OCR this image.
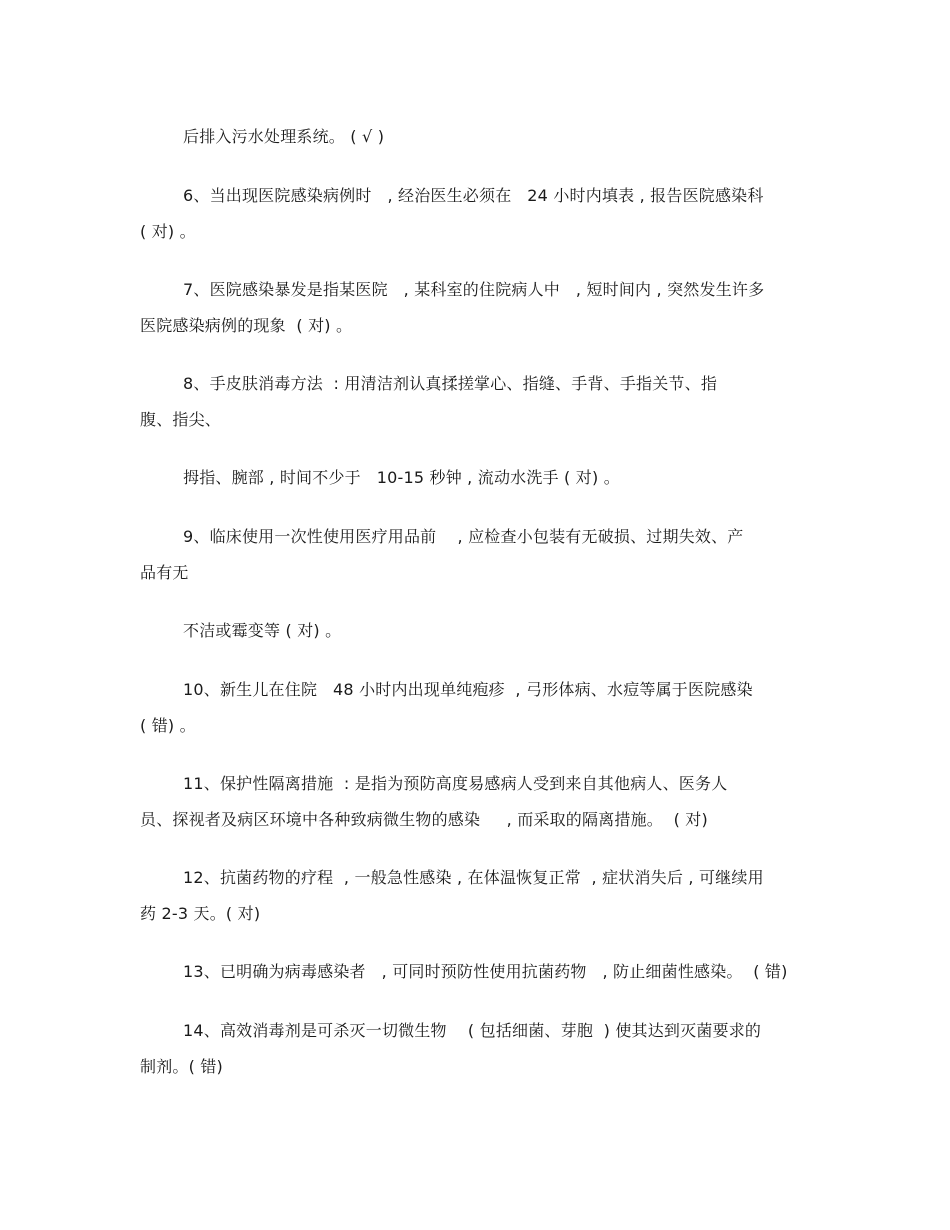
后排入污水处理系统。 ( √ )
6、当出现医院感染病例时   , 经治医生必须在   24 小时内填表 , 报告医院感染科
( 对) 。
7、医院感染暴发是指某医院   , 某科室的住院病人中   , 短时间内 , 突然发生许多
医院感染病例的现象  ( 对) 。
8、手皮肤消毒方法  : 用清洁剂认真揉搓掌心、指缝、手背、手指关节、指
腹、指尖、
拇指、腕部 , 时间不少于   10-15 秒钟 , 流动水洗手 ( 对) 。
9、临床使用一次性使用医疗用品前    , 应检查小包装有无破损、过期失效、产
品有无
不洁或霉变等 ( 对) 。
10、新生儿在住院   48 小时内出现单纯疱疹  , 弓形体病、水痘等属于医院感染
( 错) 。
11、保护性隔离措施  : 是指为预防高度易感病人受到来自其他病人、医务人
员、探视者及病区环境中各种致病微生物的感染     , 而采取的隔离措施。  ( 对)
12、抗菌药物的疗程  , 一般急性感染 , 在体温恢复正常  , 症状消失后 , 可继续用
药 2-3 天。( 对)
13、已明确为病毒感染者   , 可同时预防性使用抗菌药物   , 防止细菌性感染。  ( 错)
14、高效消毒剂是可杀灭一切微生物    ( 包括细菌、芽胞  ) 使其达到灭菌要求的
制剂。( 错)
